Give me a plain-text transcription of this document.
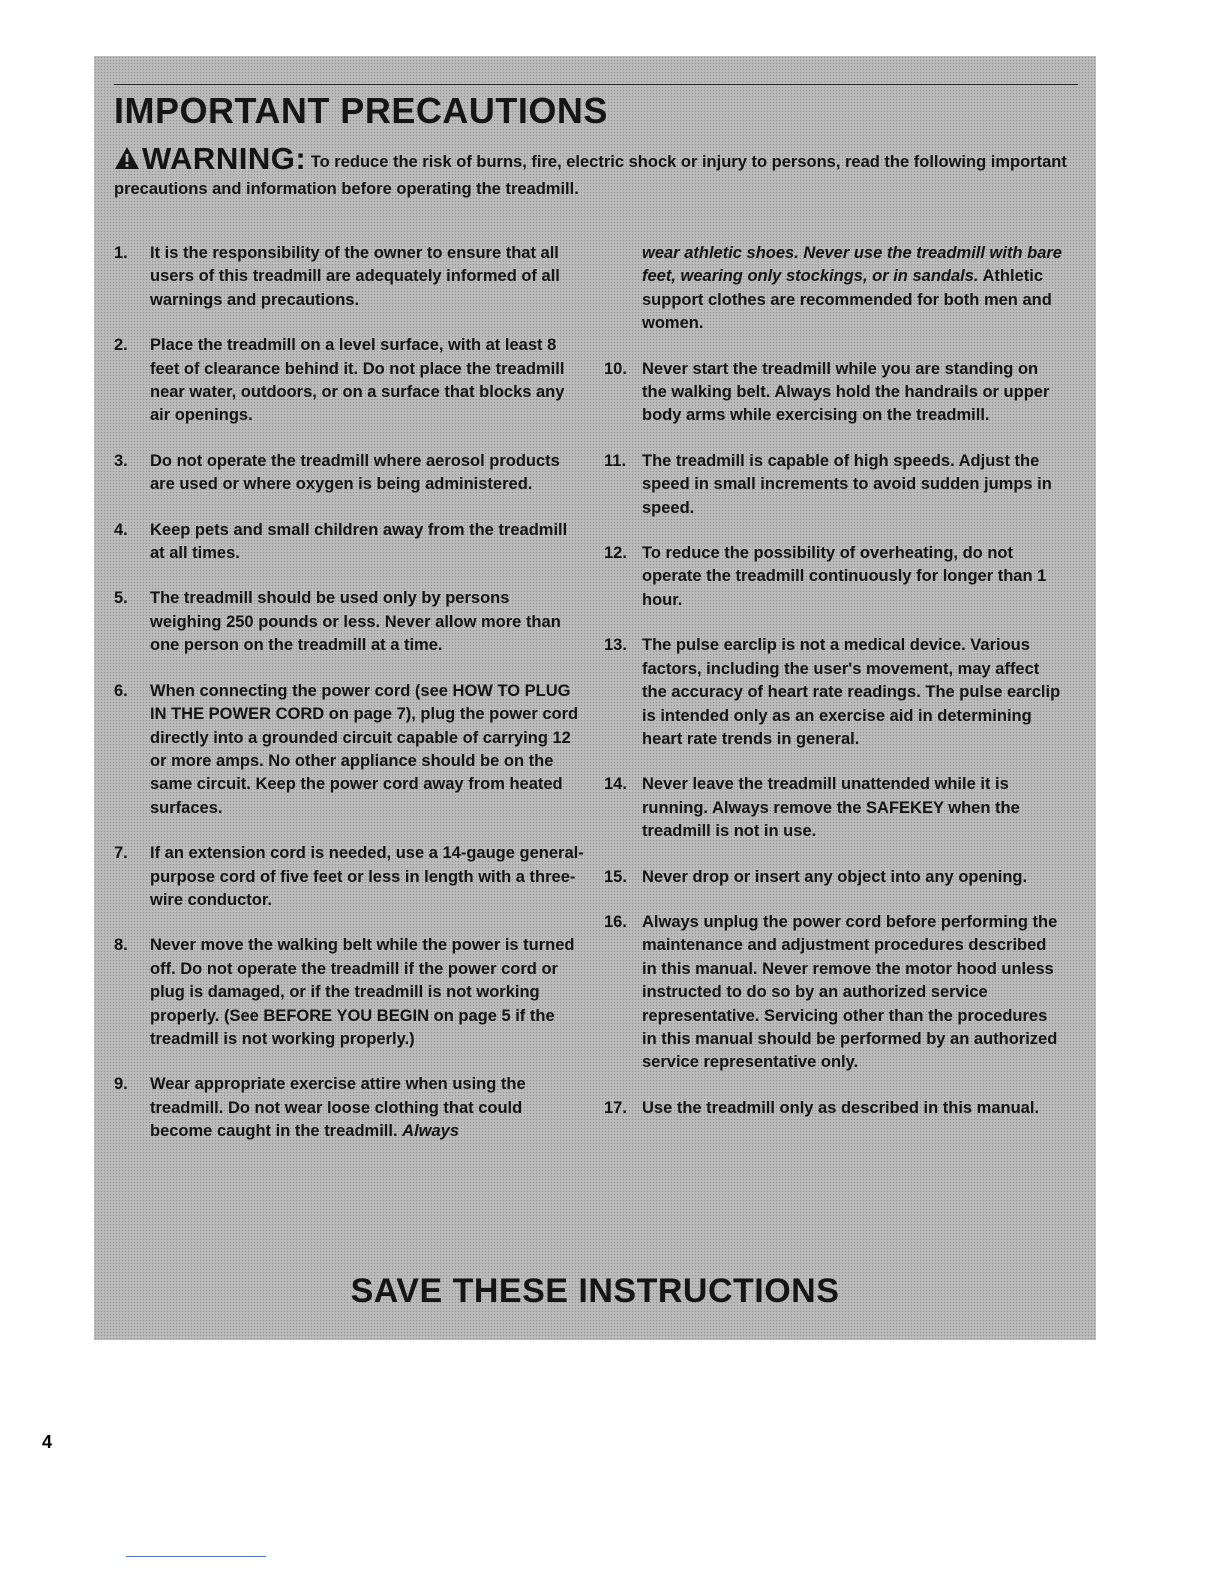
IMPORTANT PRECAUTIONS
WARNING: To reduce the risk of burns, fire, electric shock or injury to persons, read the following important precautions and information before operating the treadmill.
1.	It is the responsibility of the owner to ensure that all users of this treadmill are adequately informed of all warnings and precautions.
2.	Place the treadmill on a level surface, with at least 8 feet of clearance behind it. Do not place the treadmill near water, outdoors, or on a surface that blocks any air openings.
3.	Do not operate the treadmill where aerosol products are used or where oxygen is being administered.
4.	Keep pets and small children away from the treadmill at all times.
5.	The treadmill should be used only by persons weighing 250 pounds or less. Never allow more than one person on the treadmill at a time.
6.	When connecting the power cord (see HOW TO PLUG IN THE POWER CORD on page 7), plug the power cord directly into a grounded circuit capable of carrying 12 or more amps. No other appliance should be on the same circuit. Keep the power cord away from heated surfaces.
7.	If an extension cord is needed, use a 14-gauge general-purpose cord of five feet or less in length with a three-wire conductor.
8.	Never move the walking belt while the power is turned off. Do not operate the treadmill if the power cord or plug is damaged, or if the treadmill is not working properly. (See BEFORE YOU BEGIN on page 5 if the treadmill is not working properly.)
9.	Wear appropriate exercise attire when using the treadmill. Do not wear loose clothing that could become caught in the treadmill. Always
wear athletic shoes. Never use the treadmill with bare feet, wearing only stockings, or in sandals. Athletic support clothes are recommended for both men and women.
10. Never start the treadmill while you are standing on the walking belt. Always hold the handrails or upper body arms while exercising on the treadmill.
11. The treadmill is capable of high speeds. Adjust the speed in small increments to avoid sudden jumps in speed.
12. To reduce the possibility of overheating, do not operate the treadmill continuously for longer than 1 hour.
13. The pulse earclip is not a medical device. Various factors, including the user's movement, may affect the accuracy of heart rate readings. The pulse earclip is intended only as an exercise aid in determining heart rate trends in general.
14. Never leave the treadmill unattended while it is running. Always remove the SAFEKEY when the treadmill is not in use.
15. Never drop or insert any object into any opening.
16. Always unplug the power cord before performing the maintenance and adjustment procedures described in this manual. Never remove the motor hood unless instructed to do so by an authorized service representative. Servicing other than the procedures in this manual should be performed by an authorized service representative only.
17. Use the treadmill only as described in this manual.
SAVE THESE INSTRUCTIONS
4
